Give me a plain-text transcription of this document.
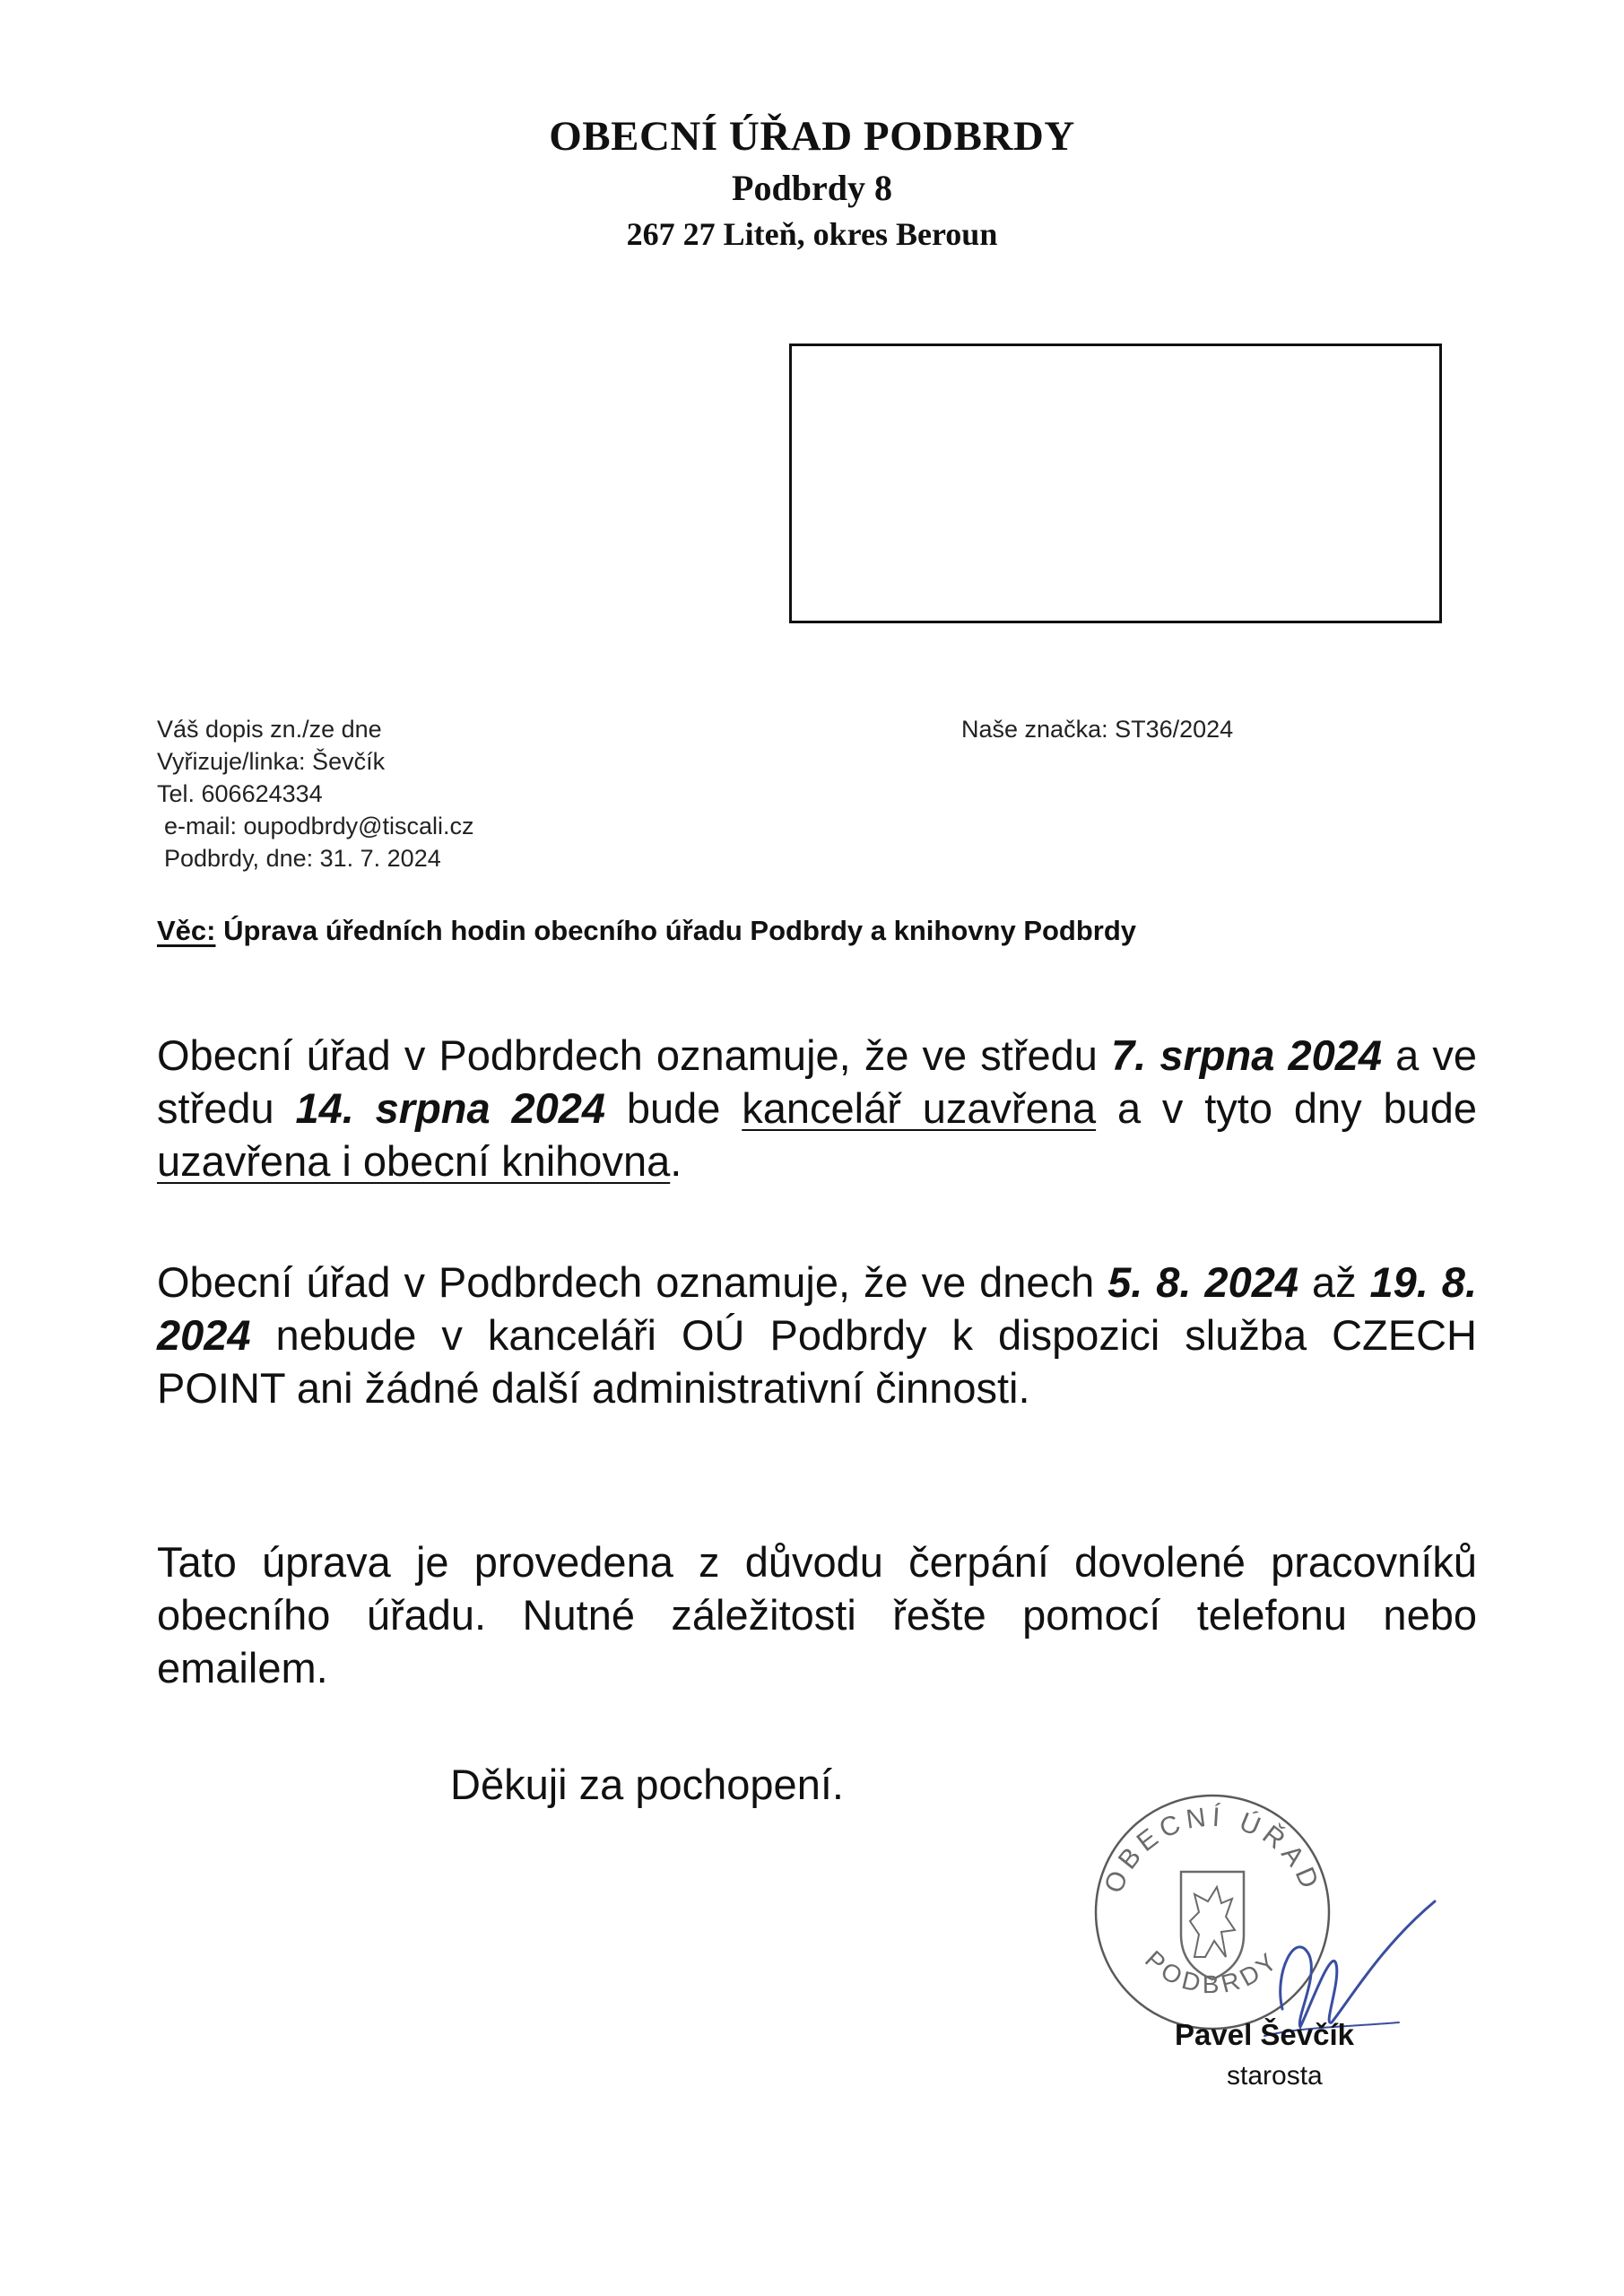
OBECNÍ ÚŘAD PODBRDY
Podbrdy 8
267 27 Liteň, okres Beroun
Váš dopis zn./ze dne
Vyřizuje/linka: Ševčík
Tel. 606624334
e-mail: oupodbrdy@tiscali.cz
Podbrdy, dne: 31. 7. 2024
Naše značka: ST36/2024
Věc: Úprava úředních hodin obecního úřadu Podbrdy a knihovny Podbrdy
Obecní úřad v Podbrdech oznamuje, že ve středu 7. srpna 2024 a ve středu 14. srpna 2024 bude kancelář uzavřena a v tyto dny bude uzavřena i obecní knihovna.
Obecní úřad v Podbrdech oznamuje, že ve dnech 5. 8. 2024 až 19. 8. 2024 nebude v kanceláři OÚ Podbrdy k dispozici služba CZECH POINT ani žádné další administrativní činnosti.
Tato úprava je provedena z důvodu čerpání dovolené pracovníků obecního úřadu. Nutné záležitosti řešte pomocí telefonu nebo emailem.
Děkuji za pochopení.
OBECNÍ ÚŘAD
PODBRDY
Pavel Ševčík
starosta
